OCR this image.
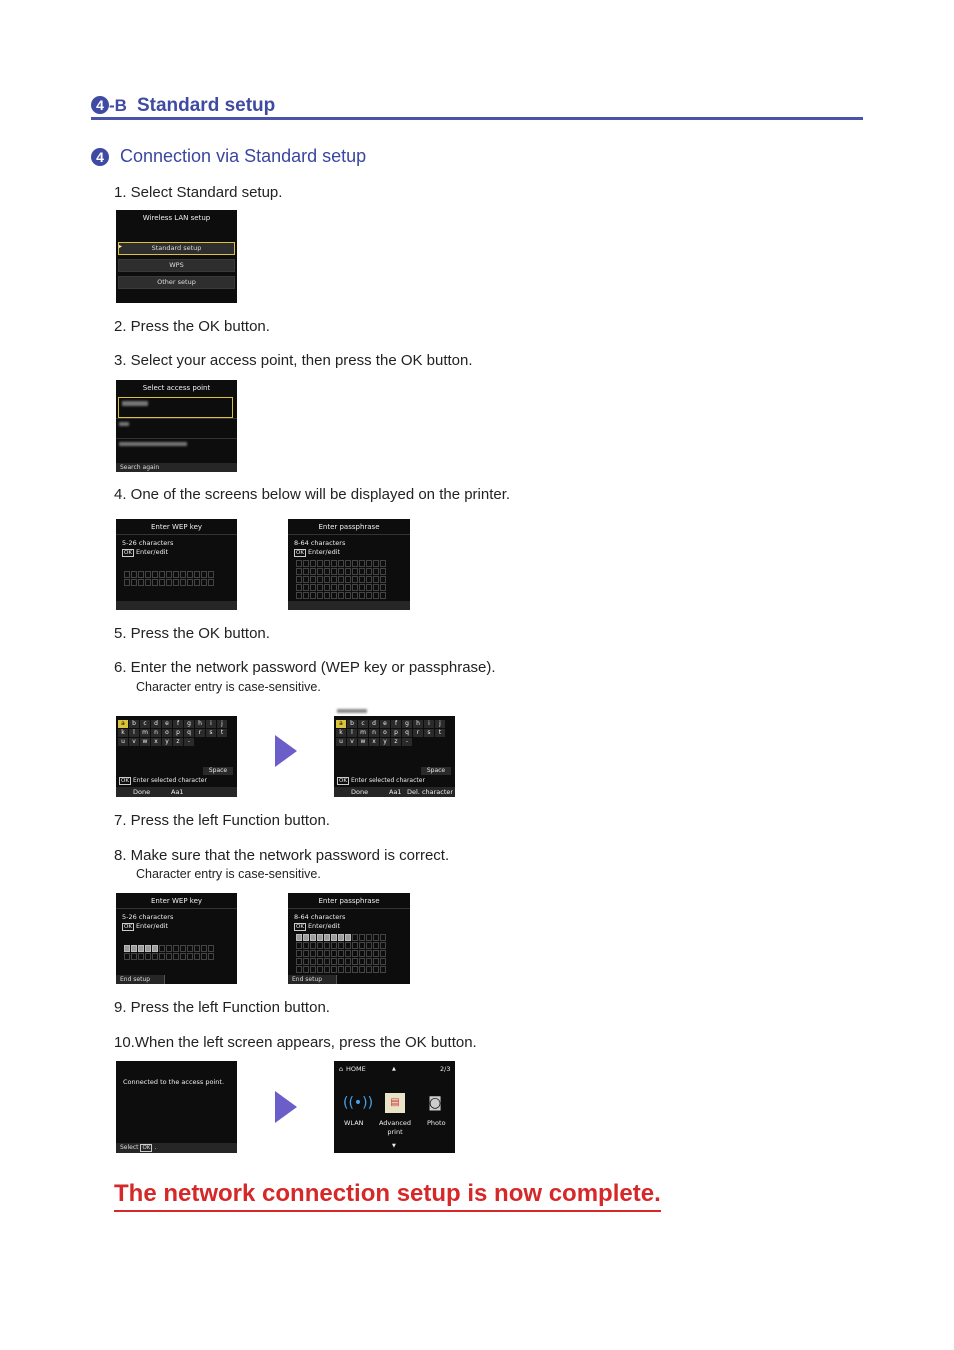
4 -B Standard setup
4 Connection via Standard setup
1. Select Standard setup.
Wireless LAN setup
Standard setup
▸
WPS
Other setup
2. Press the OK button.
3. Select your access point, then press the OK button.
Select access point
Search again
4. One of the screens below will be displayed on the printer.
Enter WEP key
5-26 characters
OK Enter/edit
Enter passphrase
8-64 characters
OK Enter/edit
5. Press the OK button.
6. Enter the network password (WEP key or passphrase).
Character entry is case-sensitive.
a	b	c	d	e	f	g	h	i	j
k	l	m	n	o	p	q	r	s	t
u	v	w	x	y	z	-
Space
OK Enter selected character
Done	Aa1
a	b	c	d	e	f	g	h	i	j
k	l	m	n	o	p	q	r	s	t
u	v	w	x	y	z	-
Space
OK Enter selected character
Done	Aa1 Del. character
7. Press the left Function button.
8. Make sure that the network password is correct.
Character entry is case-sensitive.
Enter WEP key
5-26 characters
OK Enter/edit
End setup
Enter passphrase
8-64 characters
OK Enter/edit
End setup
9. Press the left Function button.
10.When the left screen appears, press the OK button.
Connected to the access point.
Select OK .
⌂ HOME	▲	2/3
((•))	▤	◙
WLAN Advanced print
Photo
▼
The network connection setup is now complete.
